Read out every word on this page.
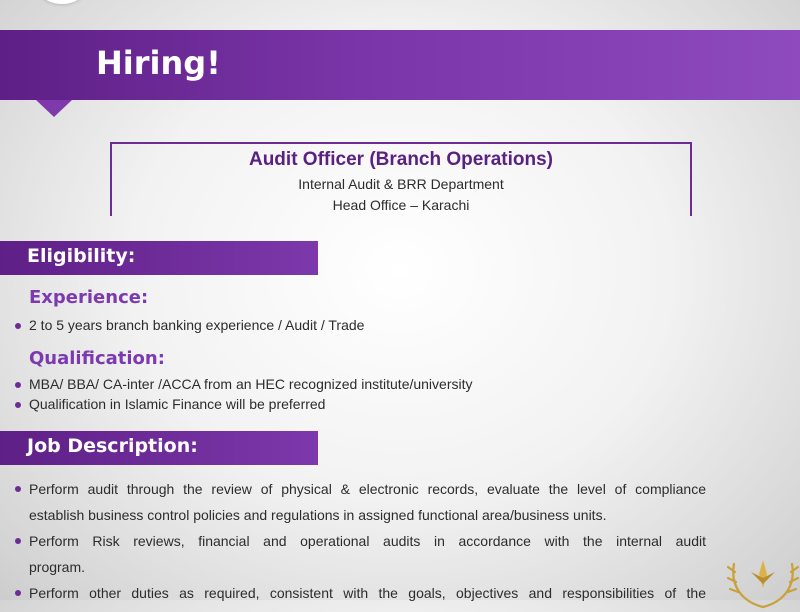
Hiring!
Audit Officer (Branch Operations)
Internal Audit & BRR Department
Head Office – Karachi
Eligibility:
Experience:
2 to 5 years branch banking experience / Audit / Trade
Qualification:
MBA/ BBA/ CA-inter /ACCA from an HEC recognized institute/university
Qualification in Islamic Finance will be preferred
Job Description:
Perform audit through the review of physical & electronic records, evaluate the level of compliance
establish business control policies and regulations in assigned functional area/business units.
Perform Risk reviews, financial and operational audits in accordance with the internal audit
program.
Perform other duties as required, consistent with the goals, objectives and responsibilities of the
